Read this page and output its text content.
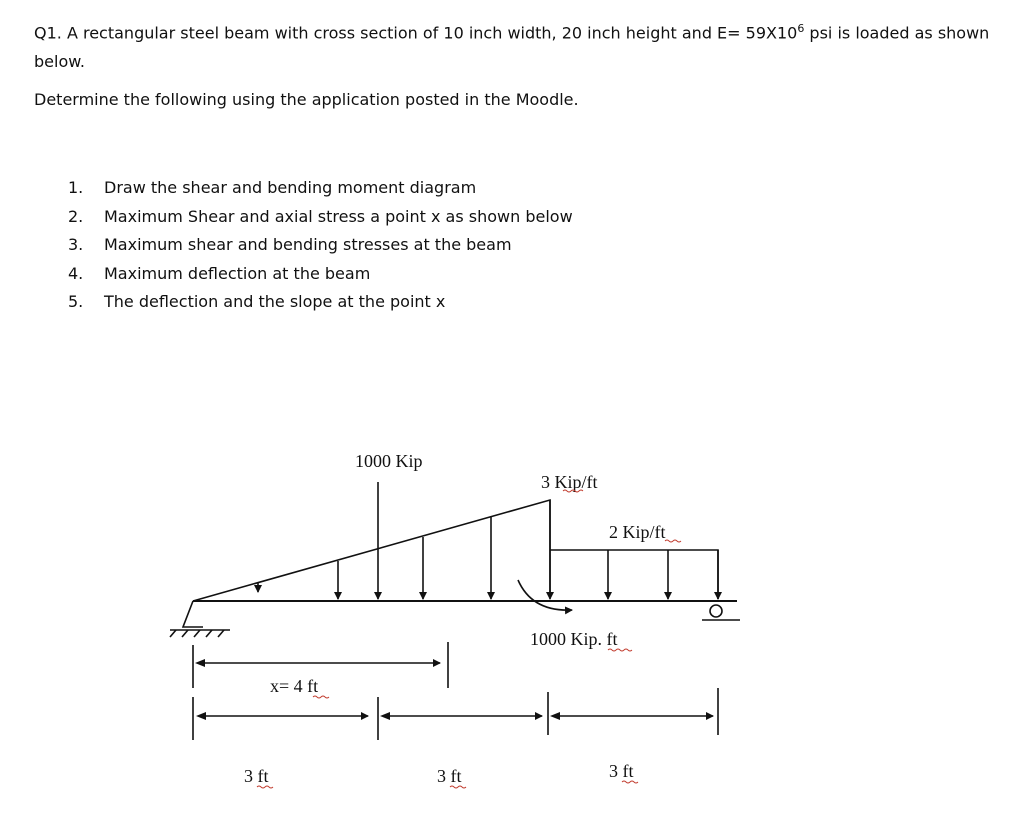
Q1. A rectangular steel beam with cross section of 10 inch width, 20 inch height and $E= 59X10^6$ psi is loaded as shown below.

Determine the following using the application posted in the Moodle.

1.	Draw the shear and bending moment diagram
2.	Maximum Shear and axial stress a point x as shown below
3.	Maximum shear and bending stresses at the beam
4.	Maximum deflection at the beam
5.	The deflection and the slope at the point x
1000 Kip
3 Kip/ft
2 Kip/ft
1000 Kip. ft
x= 4 ft
3 ft	3 ft	3 ft
